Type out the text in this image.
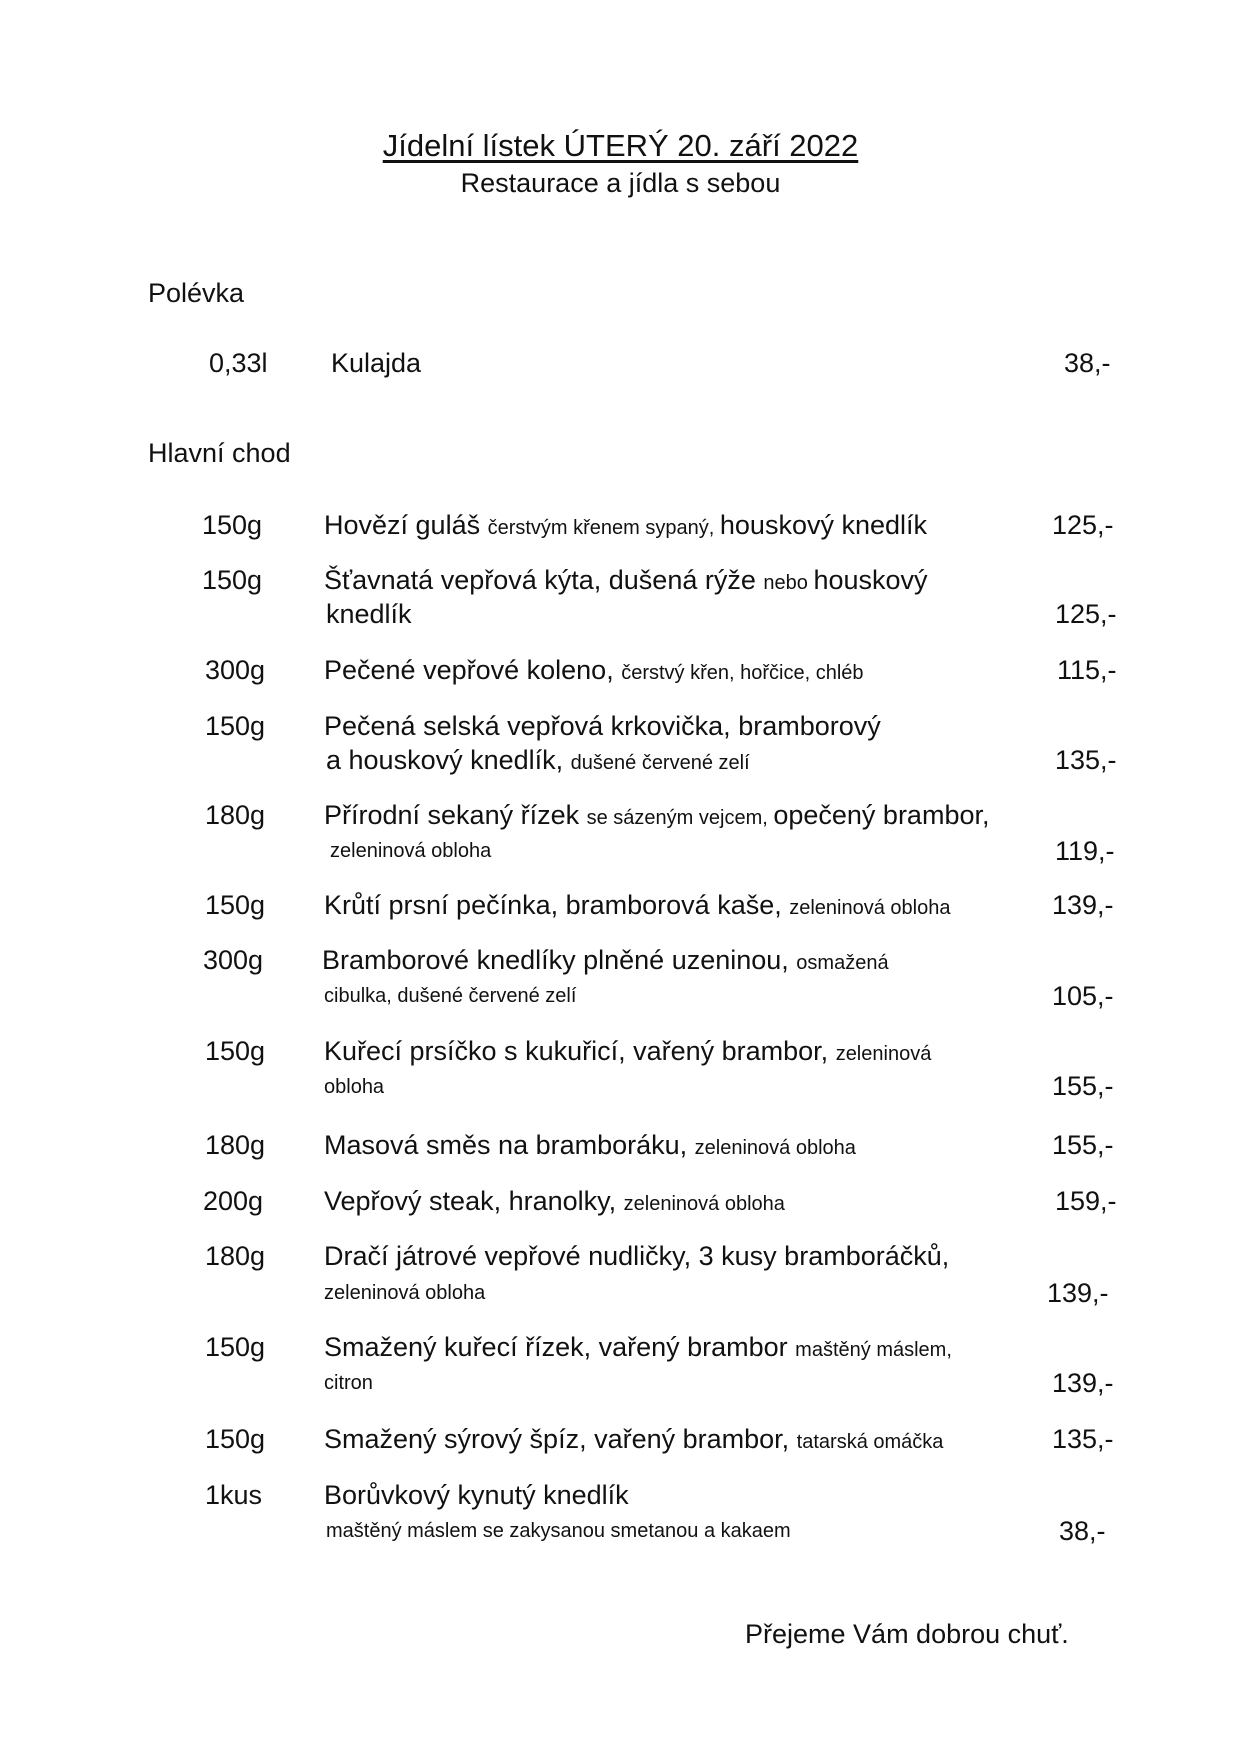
Jídelní lístek ÚTERÝ 20. září 2022
Restaurace a jídla s sebou
Polévka
0,33l Kulajda	38,-
Hlavní chod
150g Hovězí guláš čerstvým křenem sypaný, houskový knedlík	125,-
150g Šťavnatá vepřová kýta, dušená rýže nebo houskový
knedlík	125,-
300g Pečené vepřové koleno, čerstvý křen, hořčice, chléb	115,-
150g Pečená selská vepřová krkovička, bramborový
a houskový knedlík, dušené červené zelí	135,-
180g Přírodní sekaný řízek se sázeným vejcem, opečený brambor,
zeleninová obloha	119,-
150g Krůtí prsní pečínka, bramborová kaše, zeleninová obloha	139,-
300g Bramborové knedlíky plněné uzeninou, osmažená
cibulka, dušené červené zelí	105,-
150g Kuřecí prsíčko s kukuřicí, vařený brambor, zeleninová
obloha	155,-
180g Masová směs na bramboráku, zeleninová obloha	155,-
200g Vepřový steak, hranolky, zeleninová obloha	159,-
180g Dračí játrové vepřové nudličky, 3 kusy bramboráčků,
zeleninová obloha	139,-
150g Smažený kuřecí řízek, vařený brambor maštěný máslem,
citron	139,-
150g Smažený sýrový špíz, vařený brambor, tatarská omáčka	135,-
1kus Borůvkový kynutý knedlík
maštěný máslem se zakysanou smetanou a kakaem	38,-
Přejeme Vám dobrou chuť.
